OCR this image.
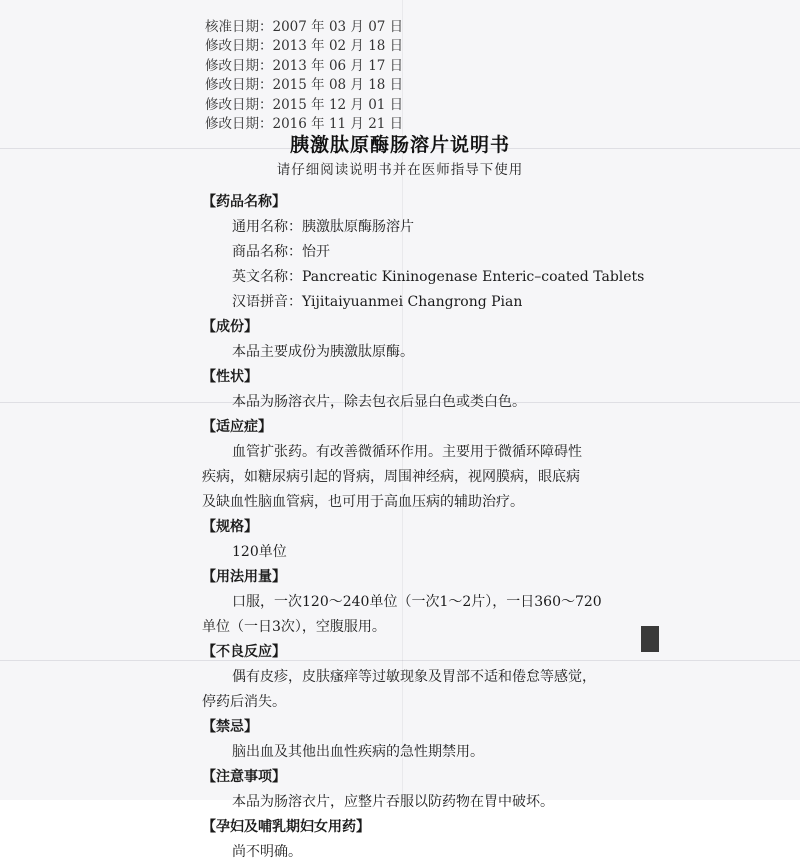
核准日期：2007 年 03 月 07 日
修改日期：2013 年 02 月 18 日
修改日期：2013 年 06 月 17 日
修改日期：2015 年 08 月 18 日
修改日期：2015 年 12 月 01 日
修改日期：2016 年 11 月 21 日
胰激肽原酶肠溶片说明书
请仔细阅读说明书并在医师指导下使用
【药品名称】
通用名称：胰激肽原酶肠溶片
商品名称：怡开
英文名称：Pancreatic Kininogenase Enteric–coated Tablets
汉语拼音：Yijitaiyuanmei Changrong Pian
【成份】
本品主要成份为胰激肽原酶。
【性状】
本品为肠溶衣片，除去包衣后显白色或类白色。
【适应症】
血管扩张药。有改善微循环作用。主要用于微循环障碍性
疾病，如糖尿病引起的肾病，周围神经病，视网膜病，眼底病
及缺血性脑血管病，也可用于高血压病的辅助治疗。
【规格】
120单位
【用法用量】
口服，一次120～240单位（一次1～2片），一日360～720
单位（一日3次），空腹服用。
【不良反应】
偶有皮疹，皮肤瘙痒等过敏现象及胃部不适和倦怠等感觉，
停药后消失。
【禁忌】
脑出血及其他出血性疾病的急性期禁用。
【注意事项】
本品为肠溶衣片，应整片吞服以防药物在胃中破坏。
【孕妇及哺乳期妇女用药】
尚不明确。
